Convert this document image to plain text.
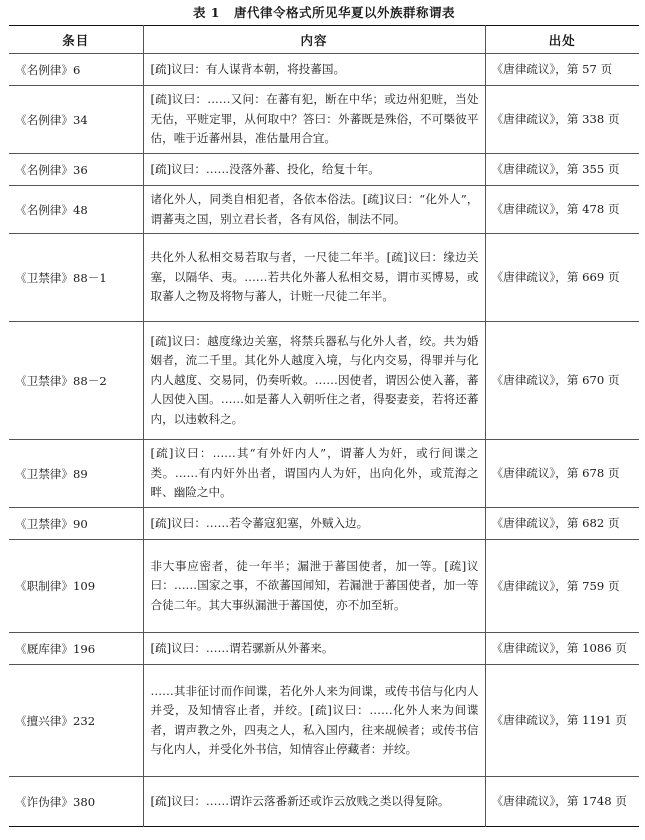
表 1 唐代律令格式所见华夏以外族群称谓表
条目	内容	出处
《名例律》6	[疏]议曰：有人谋背本朝，将投蕃国。	《唐律疏议》，第 57 页
《名例律》34	[疏]议曰：……又问：在蕃有犯，断在中华；或边州犯赃，当处无估，平赃定罪，从何取中？答曰：外蕃既是殊俗，不可槩彼平估，唯于近蕃州县，准估量用合宜。	《唐律疏议》，第 338 页
《名例律》36	[疏]议曰：……没落外蕃、投化，给复十年。	《唐律疏议》，第 355 页
《名例律》48	诸化外人，同类自相犯者，各依本俗法。[疏]议曰：“化外人”，谓蕃夷之国，别立君长者，各有风俗，制法不同。	《唐律疏议》，第 478 页
《卫禁律》88－1	共化外人私相交易若取与者，一尺徒二年半。[疏]议曰：缘边关塞，以隔华、夷。……若共化外蕃人私相交易，谓市买博易，或取蕃人之物及将物与蕃人，计赃一尺徒二年半。	《唐律疏议》，第 669 页
《卫禁律》88－2	[疏]议曰：越度缘边关塞，将禁兵器私与化外人者，绞。共为婚姻者，流二千里。其化外人越度入境，与化内交易，得罪并与化内人越度、交易同，仍奏听敕。……因使者，谓因公使入蕃，蕃人因使入国。……如是蕃人入朝听住之者，得娶妻妾，若将还蕃内，以违敕科之。	《唐律疏议》，第 670 页
《卫禁律》89	[疏]议曰：……其“有外奸内人”，谓蕃人为奸，或行间谍之类。……有内奸外出者，谓国内人为奸，出向化外，或荒海之畔、幽险之中。	《唐律疏议》，第 678 页
《卫禁律》90	[疏]议曰：……若令蕃寇犯塞，外贼入边。	《唐律疏议》，第 682 页
《职制律》109	非大事应密者，徒一年半；漏泄于蕃国使者，加一等。[疏]议曰：……国家之事，不欲蕃国闻知，若漏泄于蕃国使者，加一等合徒二年。其大事纵漏泄于蕃国使，亦不加至斩。	《唐律疏议》，第 759 页
《厩库律》196	[疏]议曰：……谓若骡新从外蕃来。	《唐律疏议》，第 1086 页
《擅兴律》232	……其非征讨而作间谍，若化外人来为间谍，或传书信与化内人并受，及知情容止者，并绞。[疏]议曰：……化外人来为间谍者，谓声教之外，四夷之人，私入国内，往来觇候者；或传书信与化内人，并受化外书信，知情容止停藏者：并绞。	《唐律疏议》，第 1191 页
《诈伪律》380	[疏]议曰：……谓诈云落番新还或诈云放贱之类以得复除。	《唐律疏议》，第 1748 页
